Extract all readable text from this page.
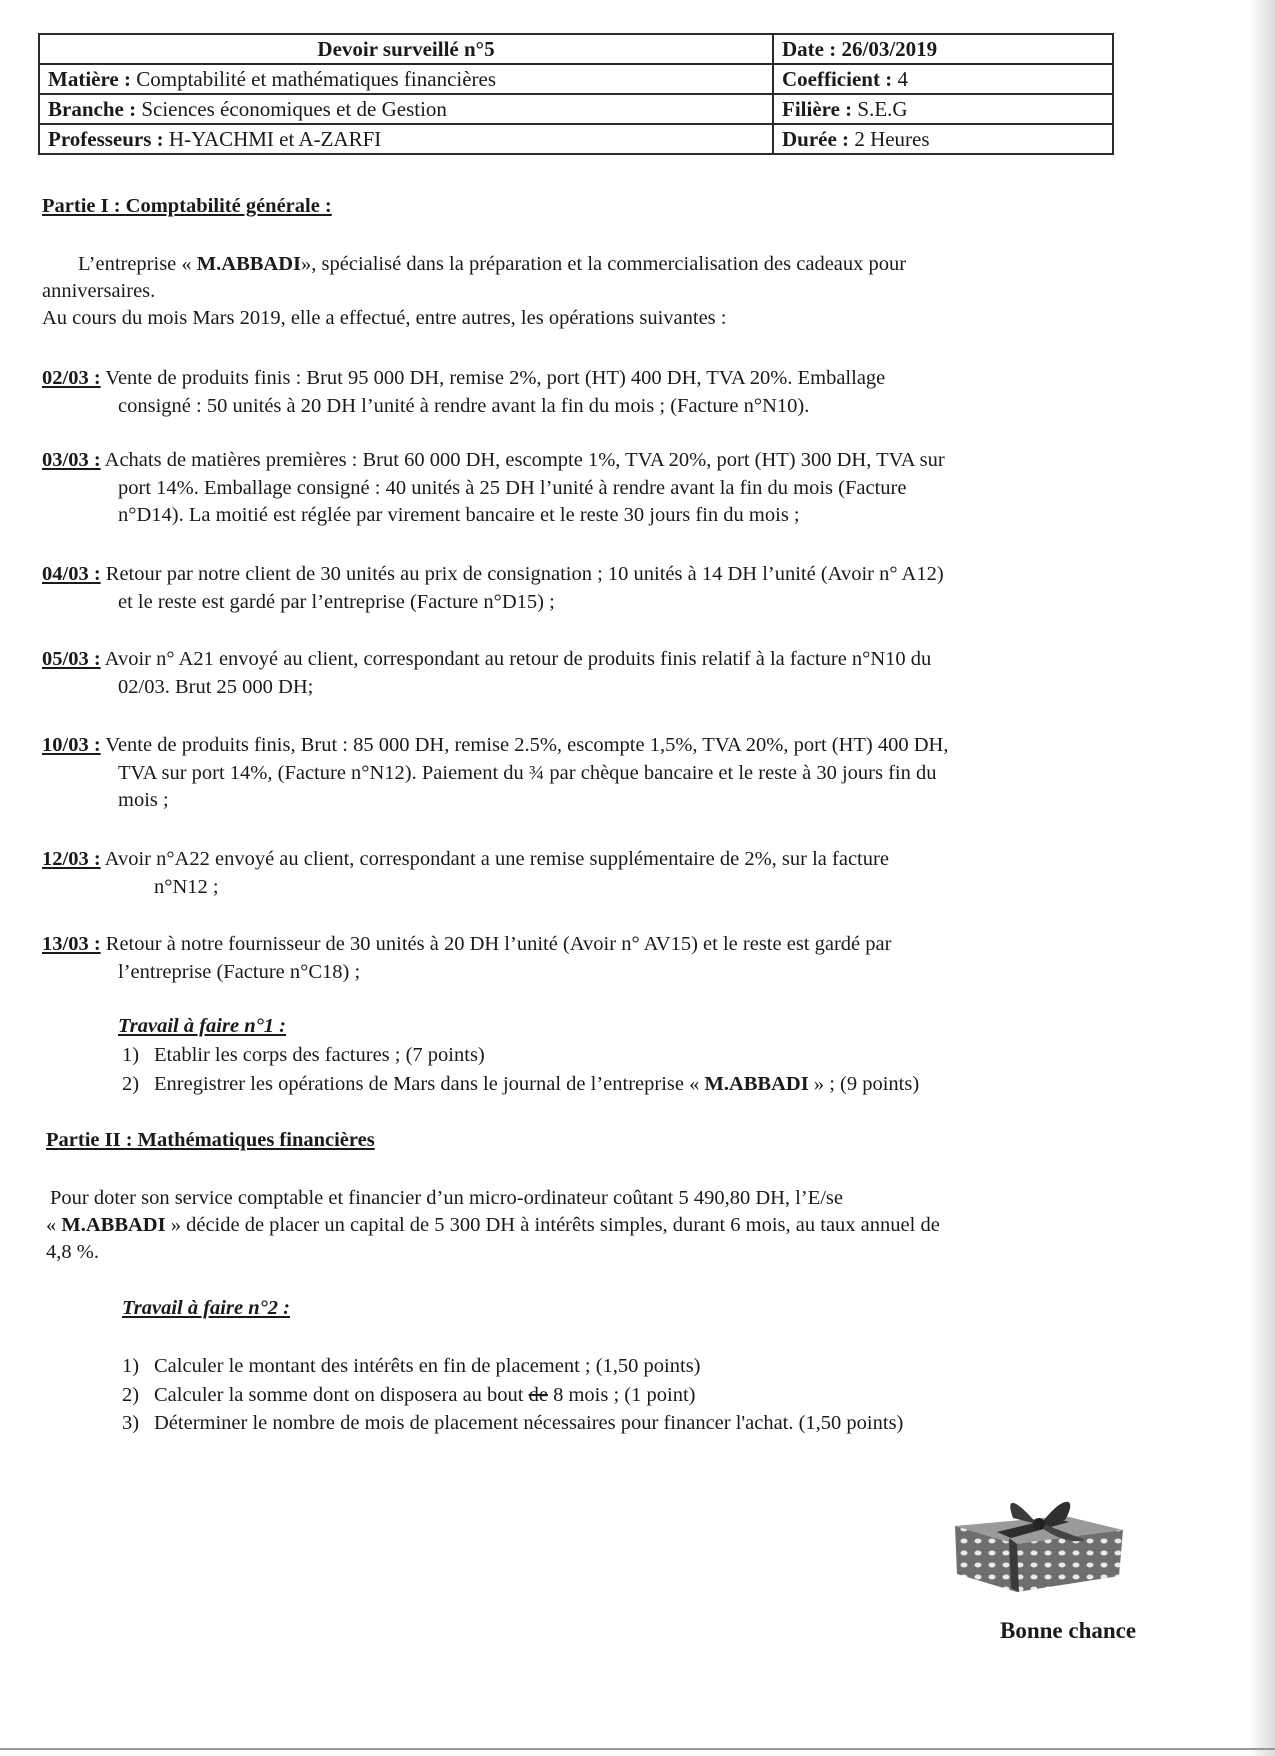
Devoir surveillé n°5	Date : 26/03/2019
Matière : Comptabilité et mathématiques financières	Coefficient : 4
Branche : Sciences économiques et de Gestion	Filière : S.E.G
Professeurs : H-YACHMI et A-ZARFI	Durée : 2 Heures
Partie I : Comptabilité générale :
L’entreprise « M.ABBADI», spécialisé dans la préparation et la commercialisation des cadeaux pour
anniversaires.
Au cours du mois Mars 2019, elle a effectué, entre autres, les opérations suivantes :
02/03 : Vente de produits finis : Brut 95 000 DH, remise 2%, port (HT) 400 DH, TVA 20%. Emballage
consigné : 50 unités à 20 DH l’unité à rendre avant la fin du mois ; (Facture n°N10).
03/03 : Achats de matières premières : Brut 60 000 DH, escompte 1%, TVA 20%, port (HT) 300 DH, TVA sur
port 14%. Emballage consigné : 40 unités à 25 DH l’unité à rendre avant la fin du mois (Facture
n°D14). La moitié est réglée par virement bancaire et le reste 30 jours fin du mois ;
04/03 : Retour par notre client de 30 unités au prix de consignation ; 10 unités à 14 DH l’unité (Avoir n° A12)
et le reste est gardé par l’entreprise (Facture n°D15) ;
05/03 : Avoir n° A21 envoyé au client, correspondant au retour de produits finis relatif à la facture n°N10 du
02/03. Brut 25 000 DH;
10/03 : Vente de produits finis, Brut : 85 000 DH, remise 2.5%, escompte 1,5%, TVA 20%, port (HT) 400 DH,
TVA sur port 14%, (Facture n°N12). Paiement du ¾ par chèque bancaire et le reste à 30 jours fin du
mois ;
12/03 : Avoir n°A22 envoyé au client, correspondant a une remise supplémentaire de 2%, sur la facture
n°N12 ;
13/03 : Retour à notre fournisseur de 30 unités à 20 DH l’unité (Avoir n° AV15) et le reste est gardé par
l’entreprise (Facture n°C18) ;
Travail à faire n°1 :
1) Etablir les corps des factures ; (7 points)
2) Enregistrer les opérations de Mars dans le journal de l’entreprise « M.ABBADI » ; (9 points)
Partie II : Mathématiques financières
Pour doter son service comptable et financier d’un micro-ordinateur coûtant 5 490,80 DH, l’E/se
« M.ABBADI » décide de placer un capital de 5 300 DH à intérêts simples, durant 6 mois, au taux annuel de
4,8 %.
Travail à faire n°2 :
1) Calculer le montant des intérêts en fin de placement ; (1,50 points)
2) Calculer la somme dont on disposera au bout de 8 mois ; (1 point)
3) Déterminer le nombre de mois de placement nécessaires pour financer l'achat. (1,50 points)
Bonne chance
